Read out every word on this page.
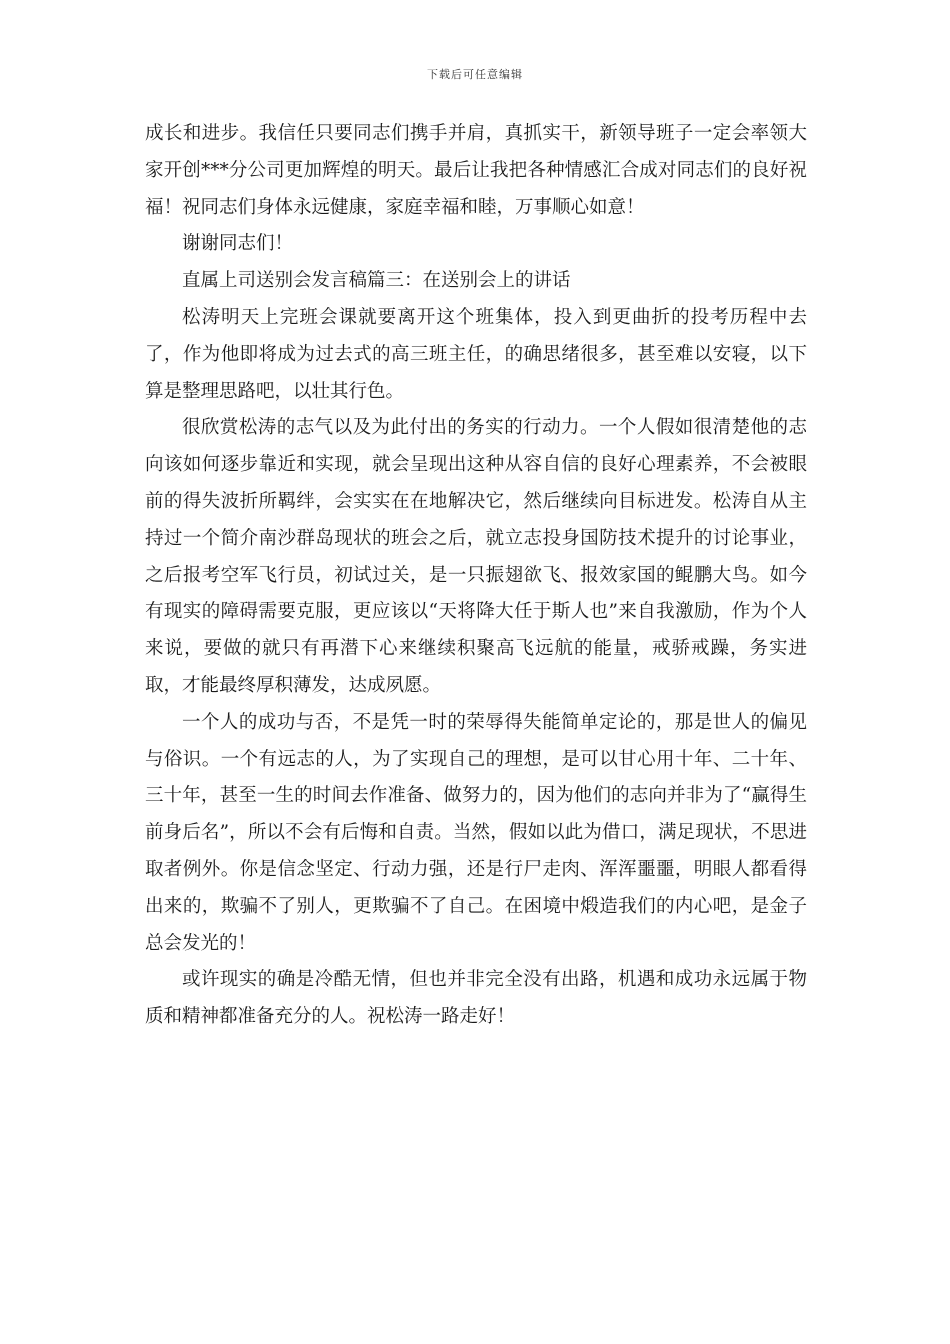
下载后可任意编辑

成长和进步。我信任只要同志们携手并肩，真抓实干，新领导班子一定会率领大家开创***分公司更加辉煌的明天。最后让我把各种情感汇合成对同志们的良好祝福！祝同志们身体永远健康，家庭幸福和睦，万事顺心如意！

谢谢同志们！

直属上司送别会发言稿篇三：在送别会上的讲话

松涛明天上完班会课就要离开这个班集体，投入到更曲折的投考历程中去了，作为他即将成为过去式的高三班主任，的确思绪很多，甚至难以安寝，以下算是整理思路吧，以壮其行色。

很欣赏松涛的志气以及为此付出的务实的行动力。一个人假如很清楚他的志向该如何逐步靠近和实现，就会呈现出这种从容自信的良好心理素养，不会被眼前的得失波折所羁绊，会实实在在地解决它，然后继续向目标进发。松涛自从主持过一个简介南沙群岛现状的班会之后，就立志投身国防技术提升的讨论事业，之后报考空军飞行员，初试过关，是一只振翅欲飞、报效家国的鲲鹏大鸟。如今有现实的障碍需要克服，更应该以“天将降大任于斯人也”来自我激励，作为个人来说，要做的就只有再潜下心来继续积聚高飞远航的能量，戒骄戒躁，务实进取，才能最终厚积薄发，达成夙愿。

一个人的成功与否，不是凭一时的荣辱得失能简单定论的，那是世人的偏见与俗识。一个有远志的人，为了实现自己的理想，是可以甘心用十年、二十年、三十年，甚至一生的时间去作准备、做努力的，因为他们的志向并非为了“赢得生前身后名”，所以不会有后悔和自责。当然，假如以此为借口，满足现状，不思进取者例外。你是信念坚定、行动力强，还是行尸走肉、浑浑噩噩，明眼人都看得出来的，欺骗不了别人，更欺骗不了自己。在困境中煅造我们的内心吧，是金子总会发光的！

或许现实的确是冷酷无情，但也并非完全没有出路，机遇和成功永远属于物质和精神都准备充分的人。祝松涛一路走好！
